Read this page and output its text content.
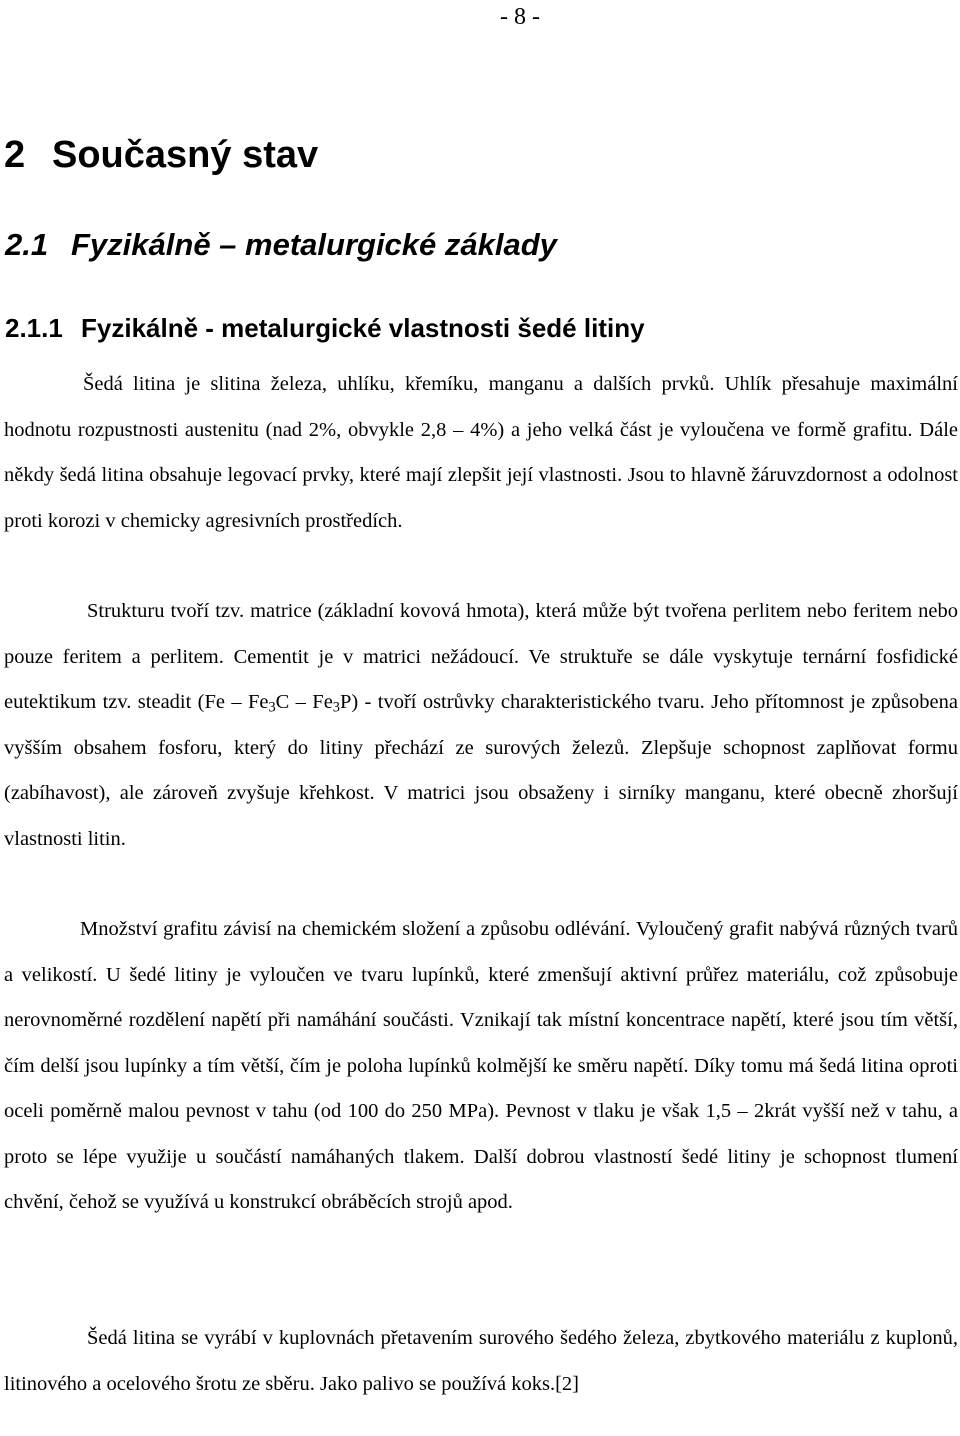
- 8 -
2 Současný stav
2.1 Fyzikálně – metalurgické základy
2.1.1 Fyzikálně - metalurgické vlastnosti šedé litiny

Šedá litina je slitina železa, uhlíku, křemíku, manganu a dalších prvků. Uhlík přesahuje maximální hodnotu rozpustnosti austenitu (nad 2%, obvykle 2,8 – 4%) a jeho velká část je vyloučena ve formě grafitu. Dále někdy šedá litina obsahuje legovací prvky, které mají zlepšit její vlastnosti. Jsou to hlavně žáruvzdornost a odolnost proti korozi v chemicky agresivních prostředích.

Strukturu tvoří tzv. matrice (základní kovová hmota), která může být tvořena perlitem nebo feritem nebo pouze feritem a perlitem. Cementit je v matrici nežádoucí. Ve struktuře se dále vyskytuje ternární fosfidické eutektikum tzv. steadit $(Fe - Fe_3C - Fe_3P)$ - tvoří ostrůvky charakteristického tvaru. Jeho přítomnost je způsobena vyšším obsahem fosforu, který do litiny přechází ze surových železů. Zlepšuje schopnost zaplňovat formu (zabíhavost), ale zároveň zvyšuje křehkost. V matrici jsou obsaženy i sirníky manganu, které obecně zhoršují vlastnosti litin.

Množství grafitu závisí na chemickém složení a způsobu odlévání. Vyloučený grafit nabývá různých tvarů a velikostí. U šedé litiny je vyloučen ve tvaru lupínků, které zmenšují aktivní průřez materiálu, což způsobuje nerovnoměrné rozdělení napětí při namáhání součásti. Vznikají tak místní koncentrace napětí, které jsou tím větší, čím delší jsou lupínky a tím větší, čím je poloha lupínků kolmější ke směru napětí. Díky tomu má šedá litina oproti oceli poměrně malou pevnost v tahu (od 100 do 250 MPa). Pevnost v tlaku je však 1,5 – 2krát vyšší než v tahu, a proto se lépe využije u součástí namáhaných tlakem. Další dobrou vlastností šedé litiny je schopnost tlumení chvění, čehož se využívá u konstrukcí obráběcích strojů apod.

Šedá litina se vyrábí v kuplovnách přetavením surového šedého železa, zbytkového materiálu z kuplonů, litinového a ocelového šrotu ze sběru. Jako palivo se používá koks.[2]
